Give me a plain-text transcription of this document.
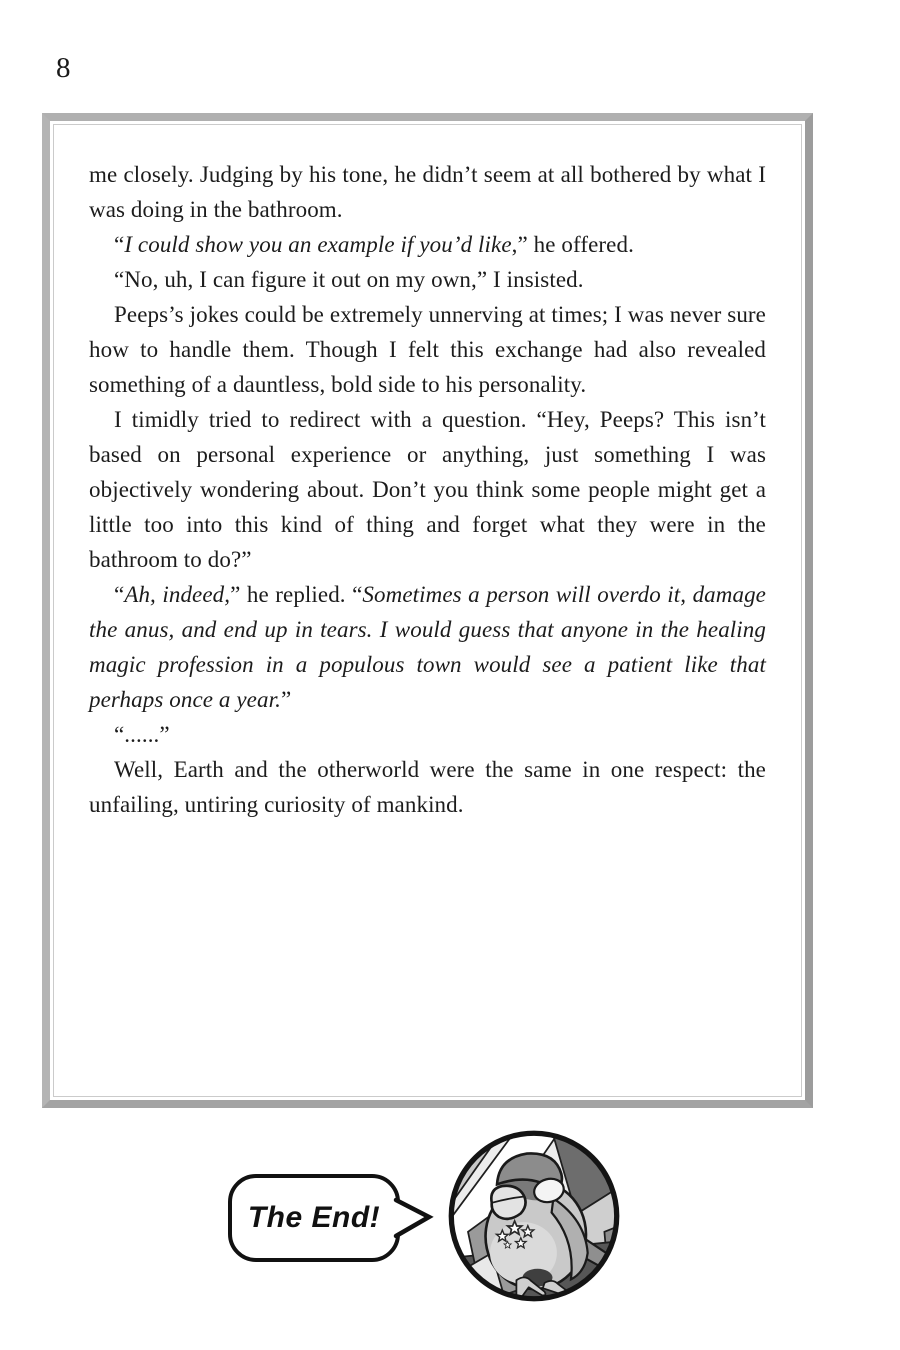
8

me closely. Judging by his tone, he didn’t seem at all bothered by what I was doing in the bathroom.

“I could show you an example if you’d like,” he offered.

“No, uh, I can figure it out on my own,” I insisted.

Peeps’s jokes could be extremely unnerving at times; I was never sure how to handle them. Though I felt this exchange had also revealed something of a dauntless, bold side to his personality.

I timidly tried to redirect with a question. “Hey, Peeps? This isn’t based on personal experience or anything, just something I was objectively wondering about. Don’t you think some people might get a little too into this kind of thing and forget what they were in the bathroom to do?”

“Ah, indeed,” he replied. “Sometimes a person will overdo it, damage the anus, and end up in tears. I would guess that anyone in the healing magic profession in a populous town would see a patient like that perhaps once a year.”

“......”

Well, Earth and the otherworld were the same in one respect: the unfailing, untiring curiosity of mankind.

The End!
